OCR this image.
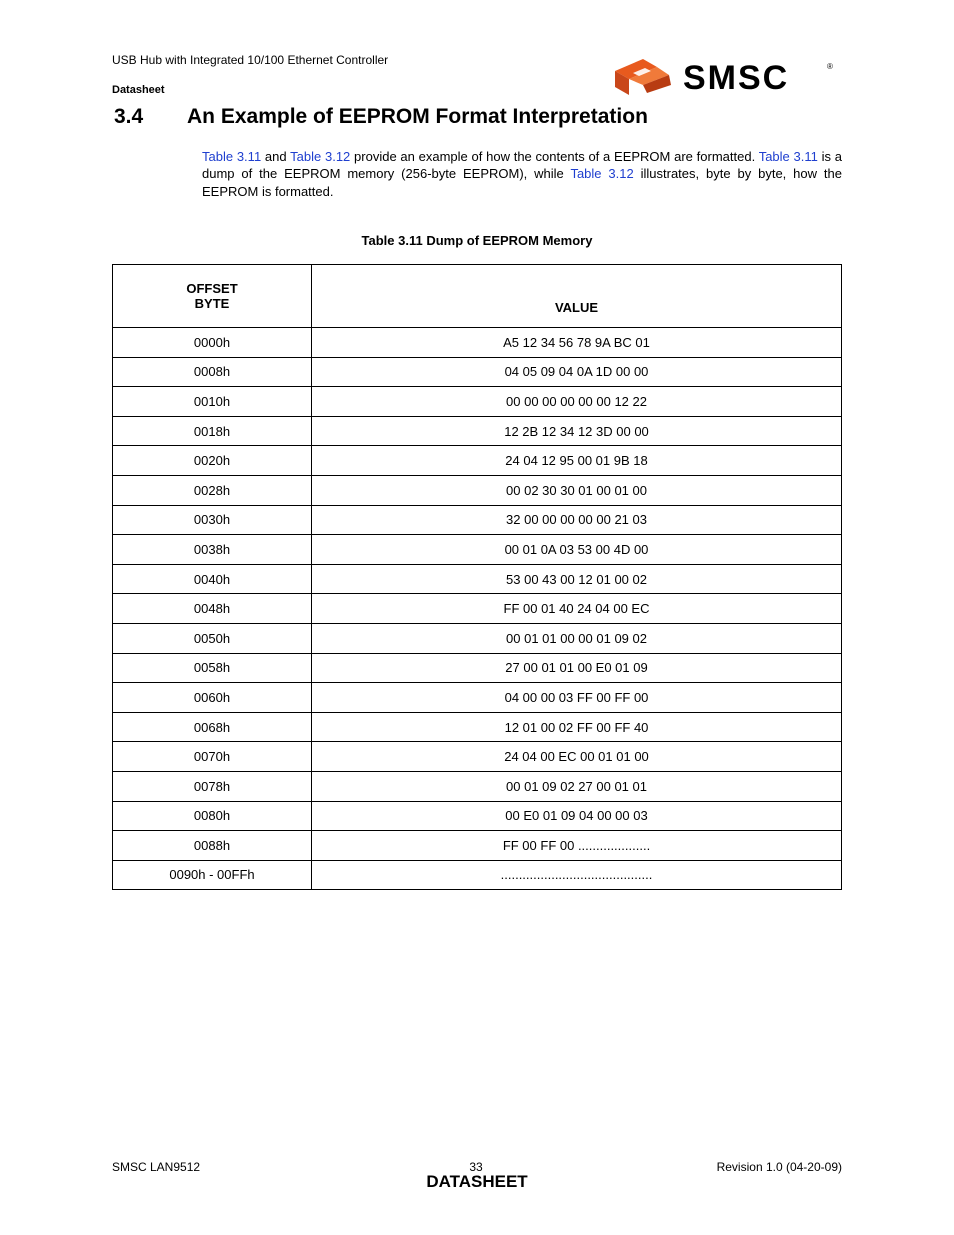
USB Hub with Integrated 10/100 Ethernet Controller
Datasheet	SMSC	®
3.4 An Example of EEPROM Format Interpretation
Table 3.11 and Table 3.12 provide an example of how the contents of a EEPROM are formatted. Table 3.11 is a dump of the EEPROM memory (256-byte EEPROM), while Table 3.12 illustrates, byte by byte, how the EEPROM is formatted.
Table 3.11 Dump of EEPROM Memory
OFFSET
BYTE	VALUE
0000h	A5 12 34 56 78 9A BC 01
0008h	04 05 09 04 0A 1D 00 00
0010h	00 00 00 00 00 00 12 22
0018h	12 2B 12 34 12 3D 00 00
0020h	24 04 12 95 00 01 9B 18
0028h	00 02 30 30 01 00 01 00
0030h	32 00 00 00 00 00 21 03
0038h	00 01 0A 03 53 00 4D 00
0040h	53 00 43 00 12 01 00 02
0048h	FF 00 01 40 24 04 00 EC
0050h	00 01 01 00 00 01 09 02
0058h	27 00 01 01 00 E0 01 09
0060h	04 00 00 03 FF 00 FF 00
0068h	12 01 00 02 FF 00 FF 40
0070h	24 04 00 EC 00 01 01 00
0078h	00 01 09 02 27 00 01 01
0080h	00 E0 01 09 04 00 00 03
0088h	FF 00 FF 00 ....................
0090h - 00FFh	..........................................
SMSC LAN9512	33	Revision 1.0 (04-20-09)
DATASHEET
